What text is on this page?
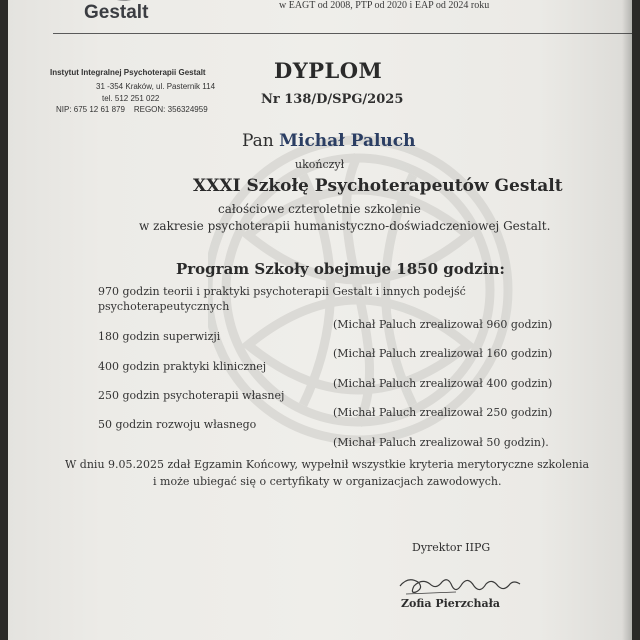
Gestalt	w EAGT od 2008, PTP od 2020 i EAP od 2024 roku
Instytut Integralnej Psychoterapii Gestalt
31 -354 Kraków, ul. Pasternik 114
tel. 512 251 022
NIP: 675 12 61 879    REGON: 356324959
DYPLOM
Nr 138/D/SPG/2025
Pan Michał Paluch
ukończył
XXXI Szkołę Psychoterapeutów Gestalt
całościowe czteroletnie szkolenie
w zakresie psychoterapii humanistyczno-doświadczeniowej Gestalt.
Program Szkoły obejmuje 1850 godzin:
970 godzin teorii i praktyki psychoterapii Gestalt i innych podejść
psychoterapeutycznych
(Michał Paluch zrealizował 960 godzin)
180 godzin superwizji
(Michał Paluch zrealizował 160 godzin)
400 godzin praktyki klinicznej
(Michał Paluch zrealizował 400 godzin)
250 godzin psychoterapii własnej
(Michał Paluch zrealizował 250 godzin)
50 godzin rozwoju własnego
(Michał Paluch zrealizował 50 godzin).
W dniu 9.05.2025 zdał Egzamin Końcowy, wypełnił wszystkie kryteria merytoryczne szkolenia
i może ubiegać się o certyfikaty w organizacjach zawodowych.
Dyrektor IIPG
Zofia Pierzchała
